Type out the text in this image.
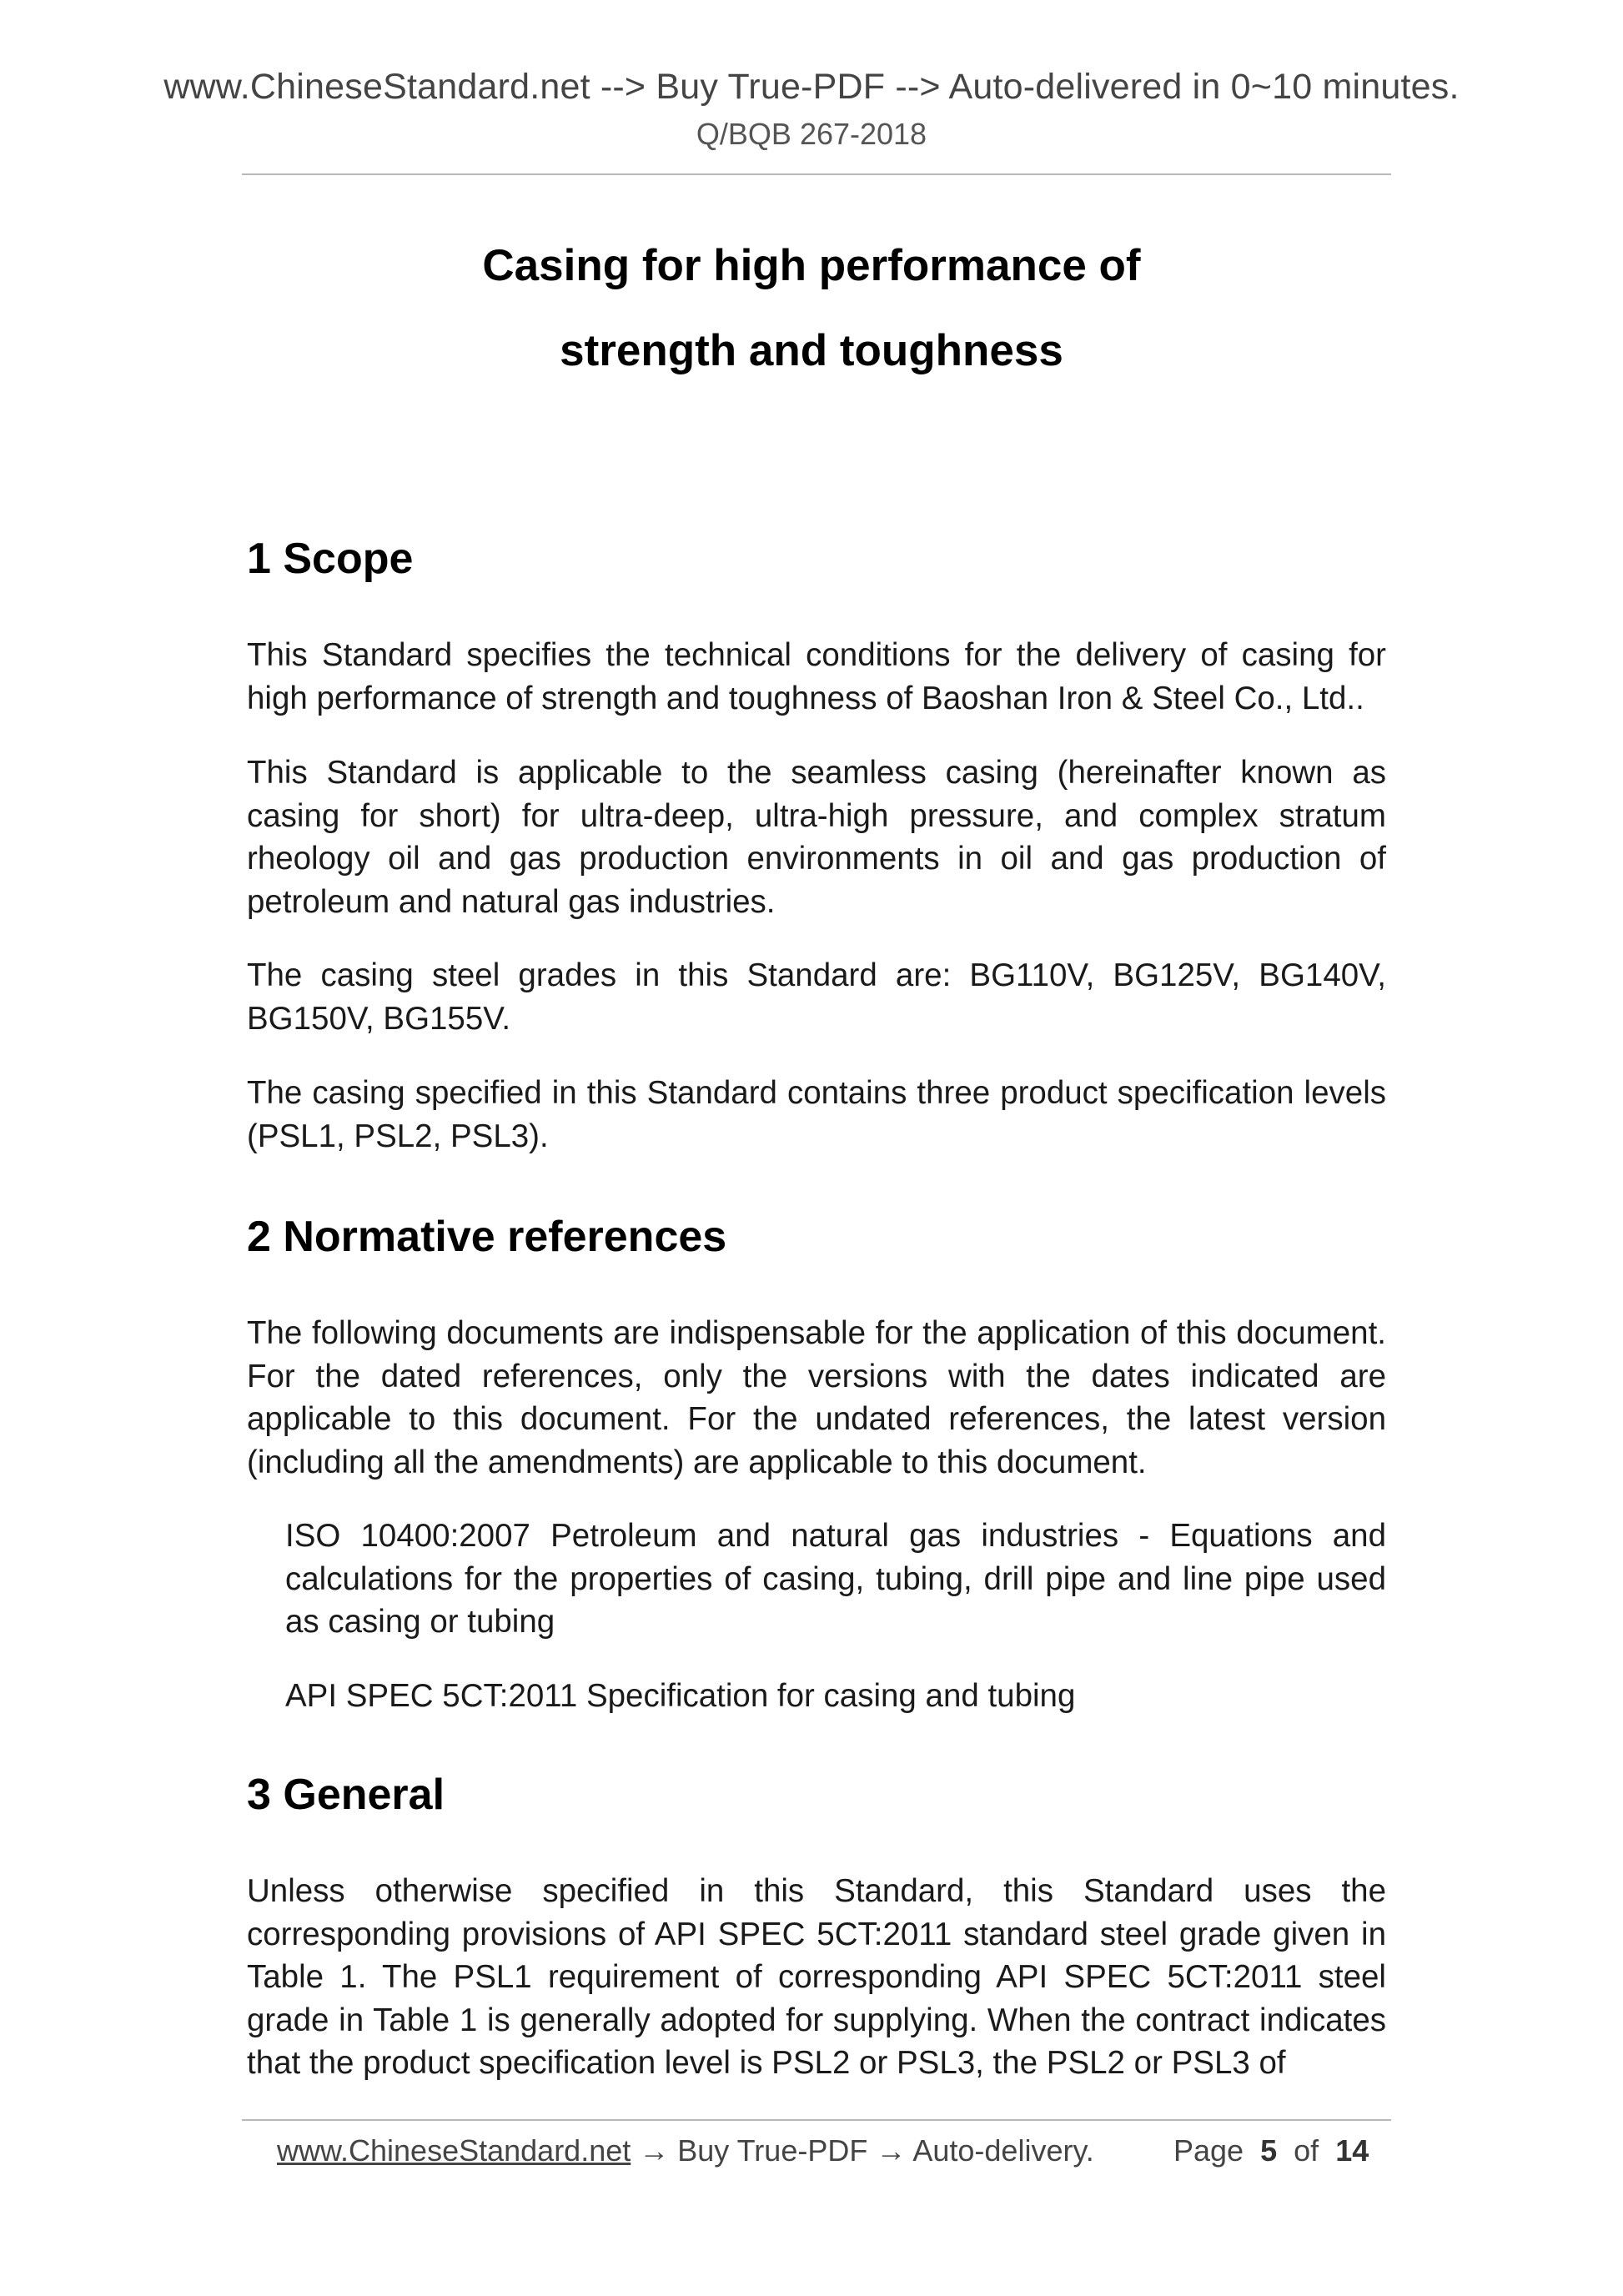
www.ChineseStandard.net --> Buy True-PDF --> Auto-delivered in 0~10 minutes.
Q/BQB 267-2018
Casing for high performance of
strength and toughness
1 Scope
This Standard specifies the technical conditions for the delivery of casing for high performance of strength and toughness of Baoshan Iron & Steel Co., Ltd..
This Standard is applicable to the seamless casing (hereinafter known as casing for short) for ultra-deep, ultra-high pressure, and complex stratum rheology oil and gas production environments in oil and gas production of petroleum and natural gas industries.
The casing steel grades in this Standard are: BG110V, BG125V, BG140V, BG150V, BG155V.
The casing specified in this Standard contains three product specification levels (PSL1, PSL2, PSL3).
2 Normative references
The following documents are indispensable for the application of this document. For the dated references, only the versions with the dates indicated are applicable to this document. For the undated references, the latest version (including all the amendments) are applicable to this document.
ISO 10400:2007 Petroleum and natural gas industries - Equations and calculations for the properties of casing, tubing, drill pipe and line pipe used as casing or tubing
API SPEC 5CT:2011 Specification for casing and tubing
3 General
Unless otherwise specified in this Standard, this Standard uses the corresponding provisions of API SPEC 5CT:2011 standard steel grade given in Table 1. The PSL1 requirement of corresponding API SPEC 5CT:2011 steel grade in Table 1 is generally adopted for supplying. When the contract indicates that the product specification level is PSL2 or PSL3, the PSL2 or PSL3 of
www.ChineseStandard.net → Buy True-PDF → Auto-delivery.	Page 5 of 14
